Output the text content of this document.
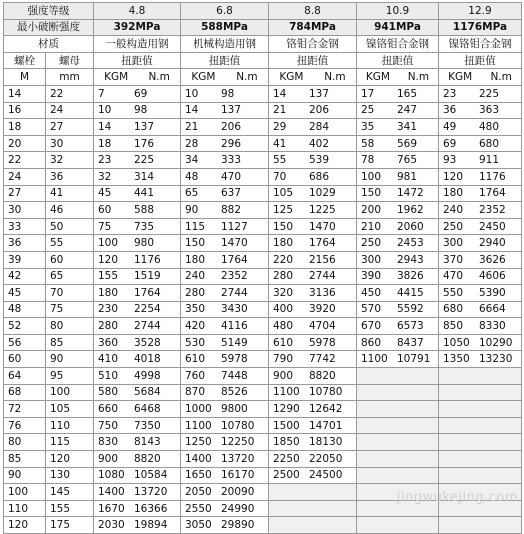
强度等级		4.8	6.8	8.8	10.9	12.9
最小破断强度		392MPa	588MPa	784MPa	941MPa	1176MPa
材质		一般构造用钢	机械构造用钢	铬钼合金钢	镍铬钼合金钢	镍铬钼合金钢
螺栓	螺母	扭距值	扭距值	扭距值	扭距值	扭距值
M	mm	KGM N.m	KGM N.m	KGM N.m	KGM N.m	KGM N.m

14	22	7 69	10 98	14 137	17 165	23 225
16	24	10 98	14 137	21 206	25 247	36 363
18	27	14 137	21 206	29 284	35 341	49 480
20	30	18 176	28 296	41 402	58 569	69 680
22	32	23 225	34 333	55 539	78 765	93 911
24	36	32 314	48 470	70 686	100 981	120 1176
27	41	45 441	65 637	105 1029	150 1472	180 1764
30	46	60 588	90 882	125 1225	200 1962	240 2352
33	50	75 735	115 1127	150 1470	210 2060	250 2450
36	55	100 980	150 1470	180 1764	250 2453	300 2940
39	60	120 1176	180 1764	220 2156	300 2943	370 3626
42	65	155 1519	240 2352	280 2744	390 3826	470 4606
45	70	180 1764	280 2744	320 3136	450 4415	550 5390
48	75	230 2254	350 3430	400 3920	570 5592	680 6664
52	80	280 2744	420 4116	480 4704	670 6573	850 8330
56	85	360 3528	530 5149	610 5978	860 8437	1050 10290
60	90	410 4018	610 5978	790 7742	1100 10791	1350 13230
64	95	510 4998	760 7448	900 8820		
68	100	580 5684	870 8526	1100 10780		
72	105	660 6468	1000 9800	1290 12642		
76	110	750 7350	1100 10780	1500 14701		
80	115	830 8143	1250 12250	1850 18130		
85	120	900 8820	1400 13720	2250 22050		
90	130	1080 10584	1650 16170	2500 24500		
100	145	1400 13720	2050 20090			
110	155	1670 16366	2550 24990			
120	175	2030 19894	3050 29890			
jingwukejing.com
